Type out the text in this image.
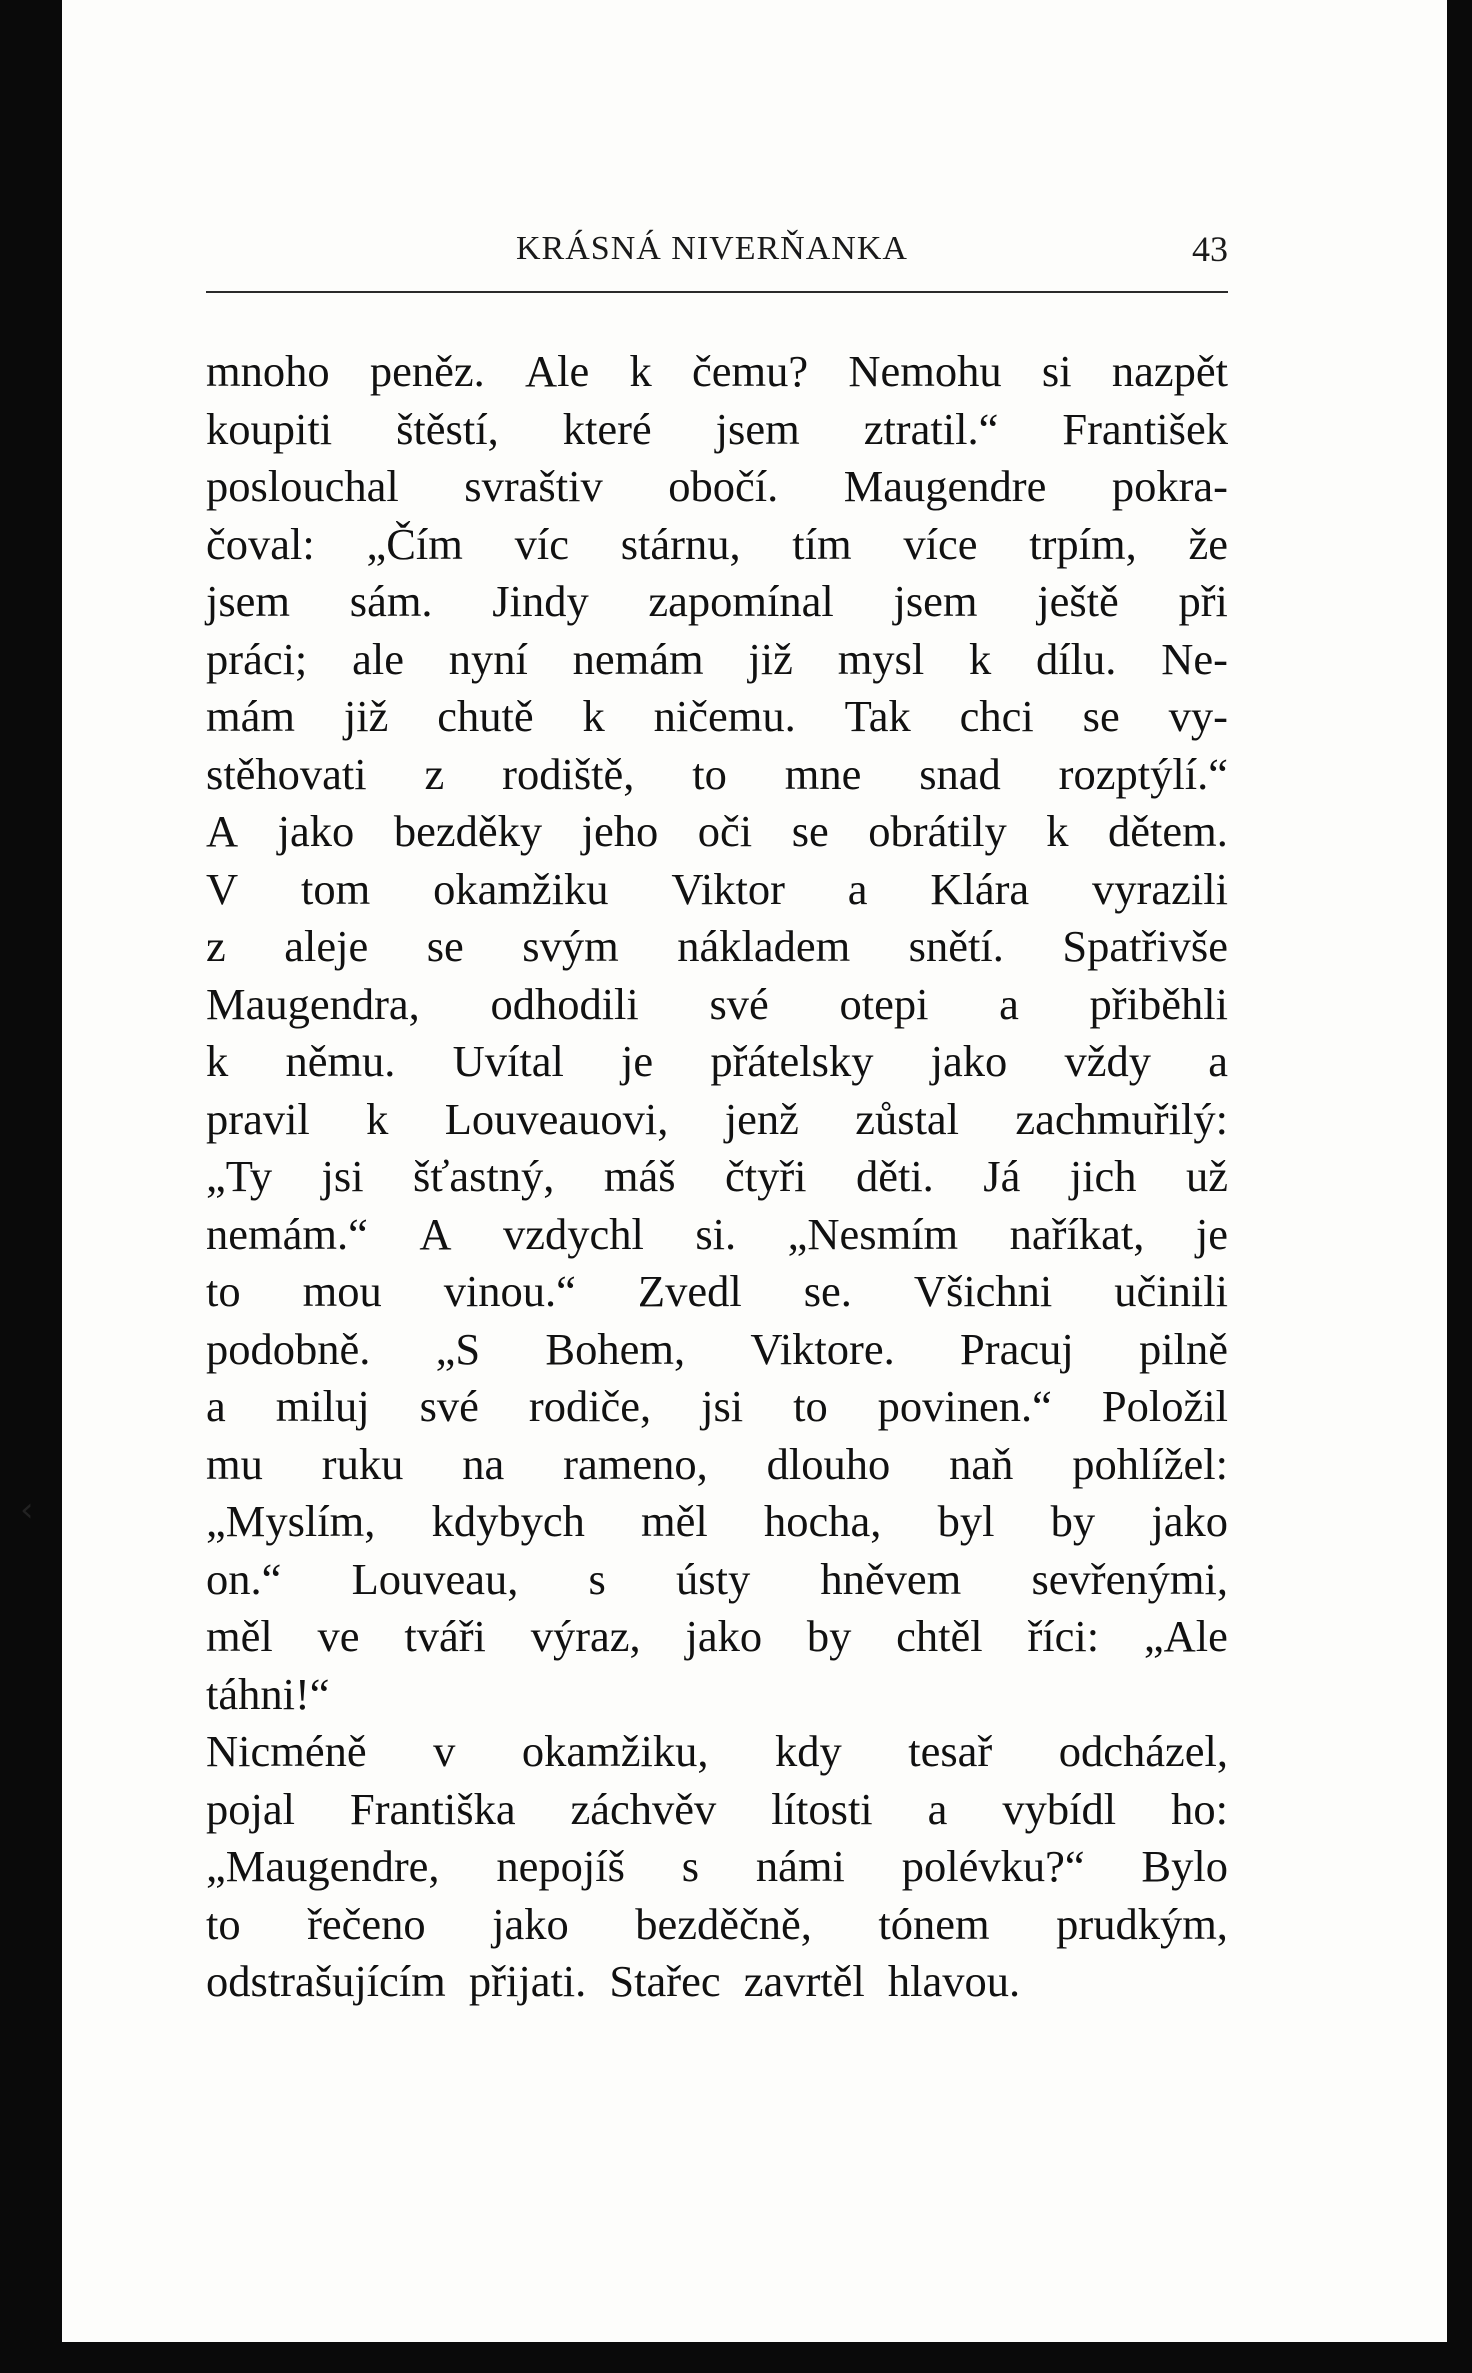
‹
KRÁSNÁ NIVERŇANKA	43
mnoho peněz. Ale k čemu? Nemohu si nazpět
koupiti štěstí, které jsem ztratil.“ František
poslouchal svraštiv obočí. Maugendre pokra-
čoval: „Čím víc stárnu, tím více trpím, že
jsem sám. Jindy zapomínal jsem ještě při
práci; ale nyní nemám již mysl k dílu. Ne-
mám již chutě k ničemu. Tak chci se vy-
stěhovati z rodiště, to mne snad rozptýlí.“
A jako bezděky jeho oči se obrátily k dětem.
V tom okamžiku Viktor a Klára vyrazili
z aleje se svým nákladem snětí. Spatřivše
Maugendra, odhodili své otepi a přiběhli
k němu. Uvítal je přátelsky jako vždy a
pravil k Louveauovi, jenž zůstal zachmuřilý:
„Ty jsi šťastný, máš čtyři děti. Já jich už
nemám.“ A vzdychl si. „Nesmím naříkat, je
to mou vinou.“ Zvedl se. Všichni učinili
podobně. „S Bohem, Viktore. Pracuj pilně
a miluj své rodiče, jsi to povinen.“ Položil
mu ruku na rameno, dlouho naň pohlížel:
„Myslím, kdybych měl hocha, byl by jako
on.“ Louveau, s ústy hněvem sevřenými,
měl ve tváři výraz, jako by chtěl říci: „Ale
táhni!“
Nicméně v okamžiku, kdy tesař odcházel,
pojal Františka záchvěv lítosti a vybídl ho:
„Maugendre, nepojíš s námi polévku?“ Bylo
to řečeno jako bezděčně, tónem prudkým,
odstrašujícím přijati. Stařec zavrtěl hlavou.
